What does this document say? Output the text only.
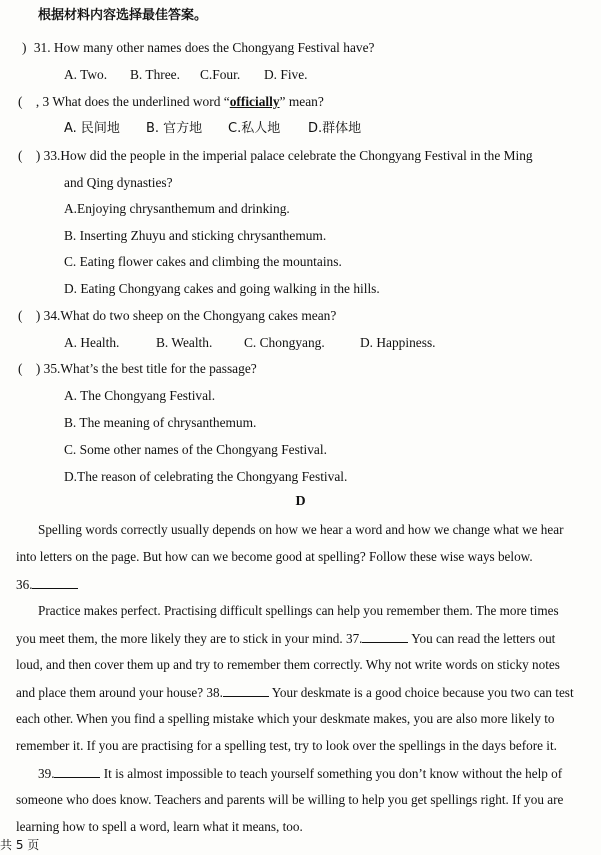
根据材料内容选择最佳答案。
) 31. How many other names does the Chongyang Festival have?
A. Two. B. Three. C.Four. D. Five.
( , 3 What does the underlined word “officially” mean?
A. 民间地 B. 官方地 C.私人地 D.群体地
( ) 33.How did the people in the imperial palace celebrate the Chongyang Festival in the Ming
and Qing dynasties?
A.Enjoying chrysanthemum and drinking.
B. Inserting Zhuyu and sticking chrysanthemum.
C. Eating flower cakes and climbing the mountains.
D. Eating Chongyang cakes and going walking in the hills.
( ) 34.What do two sheep on the Chongyang cakes mean?
A. Health.	B. Wealth. C. Chongyang.	D. Happiness.
( ) 35.What’s the best title for the passage?
A. The Chongyang Festival.
B. The meaning of chrysanthemum.
C. Some other names of the Chongyang Festival.
D.The reason of celebrating the Chongyang Festival.
D
Spelling words correctly usually depends on how we hear a word and how we change what we hear
into letters on the page. But how can we become good at spelling? Follow these wise ways below.
36.
Practice makes perfect. Practising difficult spellings can help you remember them. The more times
you meet them, the more likely they are to stick in your mind. 37.	You can read the letters out
loud, and then cover them up and try to remember them correctly. Why not write words on sticky notes
and place them around your house? 38.	Your deskmate is a good choice because you two can test
each other. When you find a spelling mistake which your deskmate makes, you are also more likely to
remember it. If you are practising for a spelling test, try to look over the spellings in the days before it.
39.	It is almost impossible to teach yourself something you don’t know without the help of
someone who does know. Teachers and parents will be willing to help you get spellings right. If you are
learning how to spell a word, learn what it means, too.
共 5 页
